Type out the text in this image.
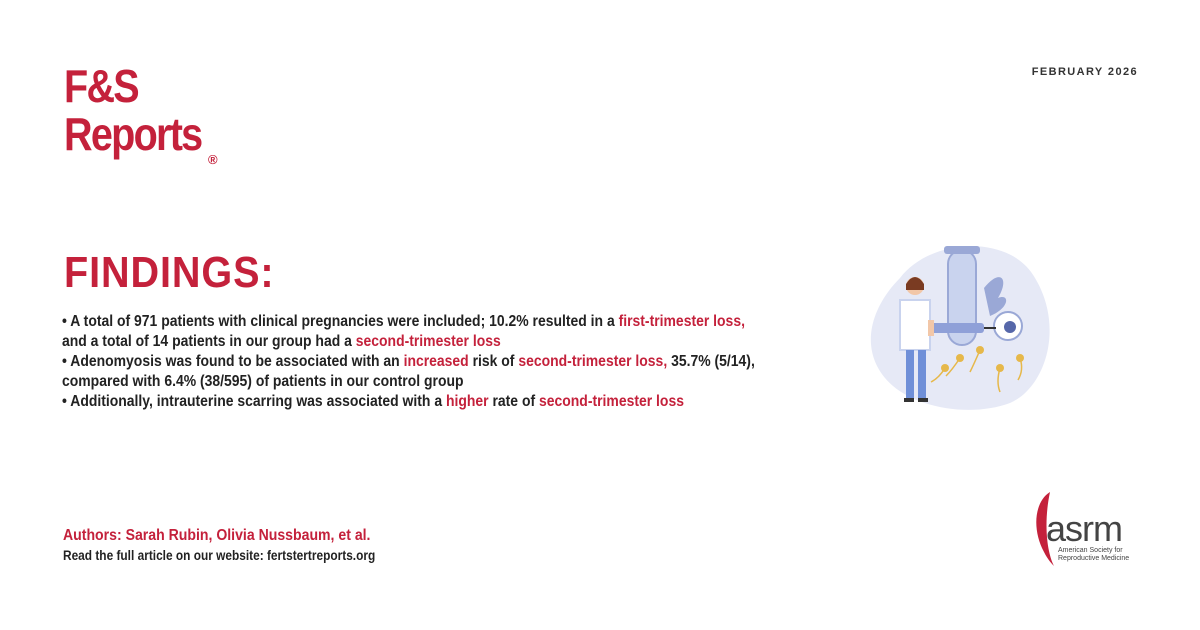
F&S
Reports ®
FEBRUARY 2026
FINDINGS:

• A total of 971 patients with clinical pregnancies were included; 10.2% resulted in a first-trimester loss, and a total of 14 patients in our group had a second-trimester loss

• Adenomyosis was found to be associated with an increased risk of second-trimester loss, 35.7% (5/14), compared with 6.4% (38/595) of patients in our control group

• Additionally, intrauterine scarring was associated with a higher rate of second-trimester loss

asrm
American Society for Reproductive Medicine
Authors: Sarah Rubin, Olivia Nussbaum, et al.
Read the full article on our website: fertstertreports.org
